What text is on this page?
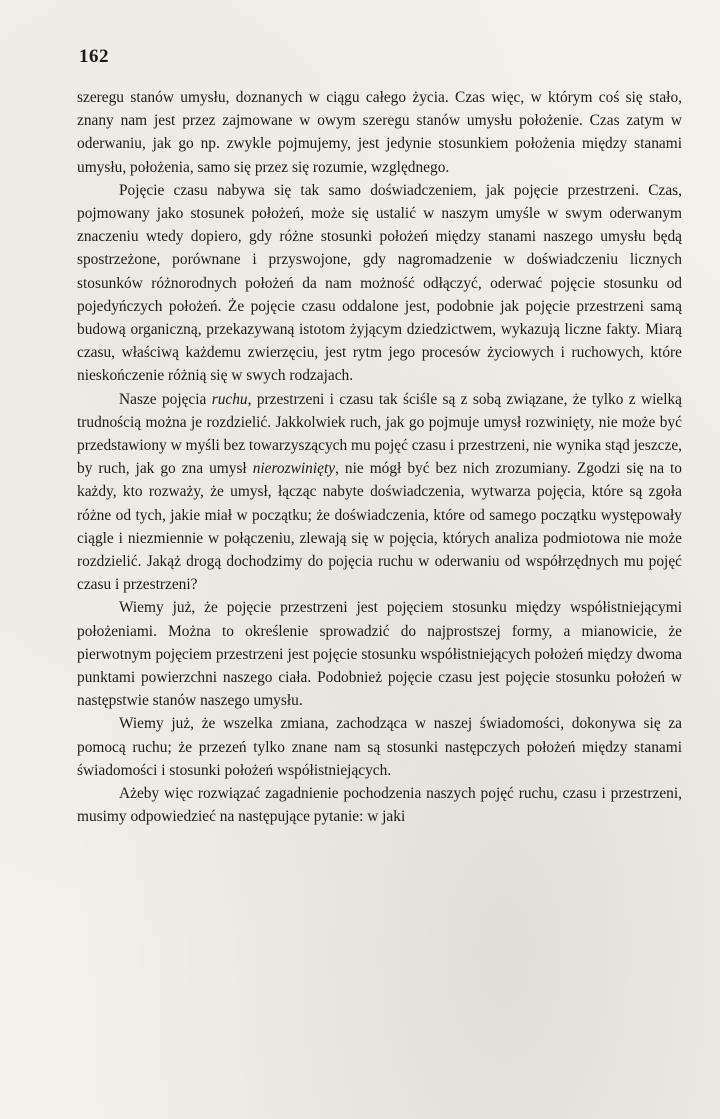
162

szeregu stanów umysłu, doznanych w ciągu całego życia. Czas więc, w którym coś się stało, znany nam jest przez zajmowane w owym szeregu stanów umysłu położenie. Czas zatym w oderwaniu, jak go np. zwykle pojmujemy, jest jedynie stosunkiem położenia między stanami umysłu, położenia, samo się przez się rozumie, względnego.

Pojęcie czasu nabywa się tak samo doświadczeniem, jak pojęcie przestrzeni. Czas, pojmowany jako stosunek położeń, może się ustalić w naszym umyśle w swym oderwanym znaczeniu wtedy dopiero, gdy różne stosunki położeń między stanami naszego umysłu będą spostrzeżone, porównane i przyswojone, gdy nagromadzenie w doświadczeniu licznych stosunków różnorodnych położeń da nam możność odłączyć, oderwać pojęcie stosunku od pojedyńczych położeń. Że pojęcie czasu oddalone jest, podobnie jak pojęcie przestrzeni samą budową organiczną, przekazywaną istotom żyjącym dziedzictwem, wykazują liczne fakty. Miarą czasu, właściwą każdemu zwierzęciu, jest rytm jego procesów życiowych i ruchowych, które nieskończenie różnią się w swych rodzajach.

Nasze pojęcia ruchu, przestrzeni i czasu tak ściśle są z sobą związane, że tylko z wielką trudnością można je rozdzielić. Jakkolwiek ruch, jak go pojmuje umysł rozwinięty, nie może być przedstawiony w myśli bez towarzyszących mu pojęć czasu i przestrzeni, nie wynika stąd jeszcze, by ruch, jak go zna umysł nierozwinięty, nie mógł być bez nich zrozumiany. Zgodzi się na to każdy, kto rozważy, że umysł, łącząc nabyte doświadczenia, wytwarza pojęcia, które są zgoła różne od tych, jakie miał w początku; że doświadczenia, które od samego początku występowały ciągle i niezmiennie w połączeniu, zlewają się w pojęcia, których analiza podmiotowa nie może rozdzielić. Jakąż drogą dochodzimy do pojęcia ruchu w oderwaniu od współrzędnych mu pojęć czasu i przestrzeni?

Wiemy już, że pojęcie przestrzeni jest pojęciem stosunku między współistniejącymi położeniami. Można to określenie sprowadzić do najprostszej formy, a mianowicie, że pierwotnym pojęciem przestrzeni jest pojęcie stosunku współistniejących położeń między dwoma punktami powierzchni naszego ciała. Podobnież pojęcie czasu jest pojęcie stosunku położeń w następstwie stanów naszego umysłu.

Wiemy już, że wszelka zmiana, zachodząca w naszej świadomości, dokonywa się za pomocą ruchu; że przezeń tylko znane nam są stosunki następczych położeń między stanami świadomości i stosunki położeń współistniejących.

Ażeby więc rozwiązać zagadnienie pochodzenia naszych pojęć ruchu, czasu i przestrzeni, musimy odpowiedzieć na następujące pytanie: w jaki
